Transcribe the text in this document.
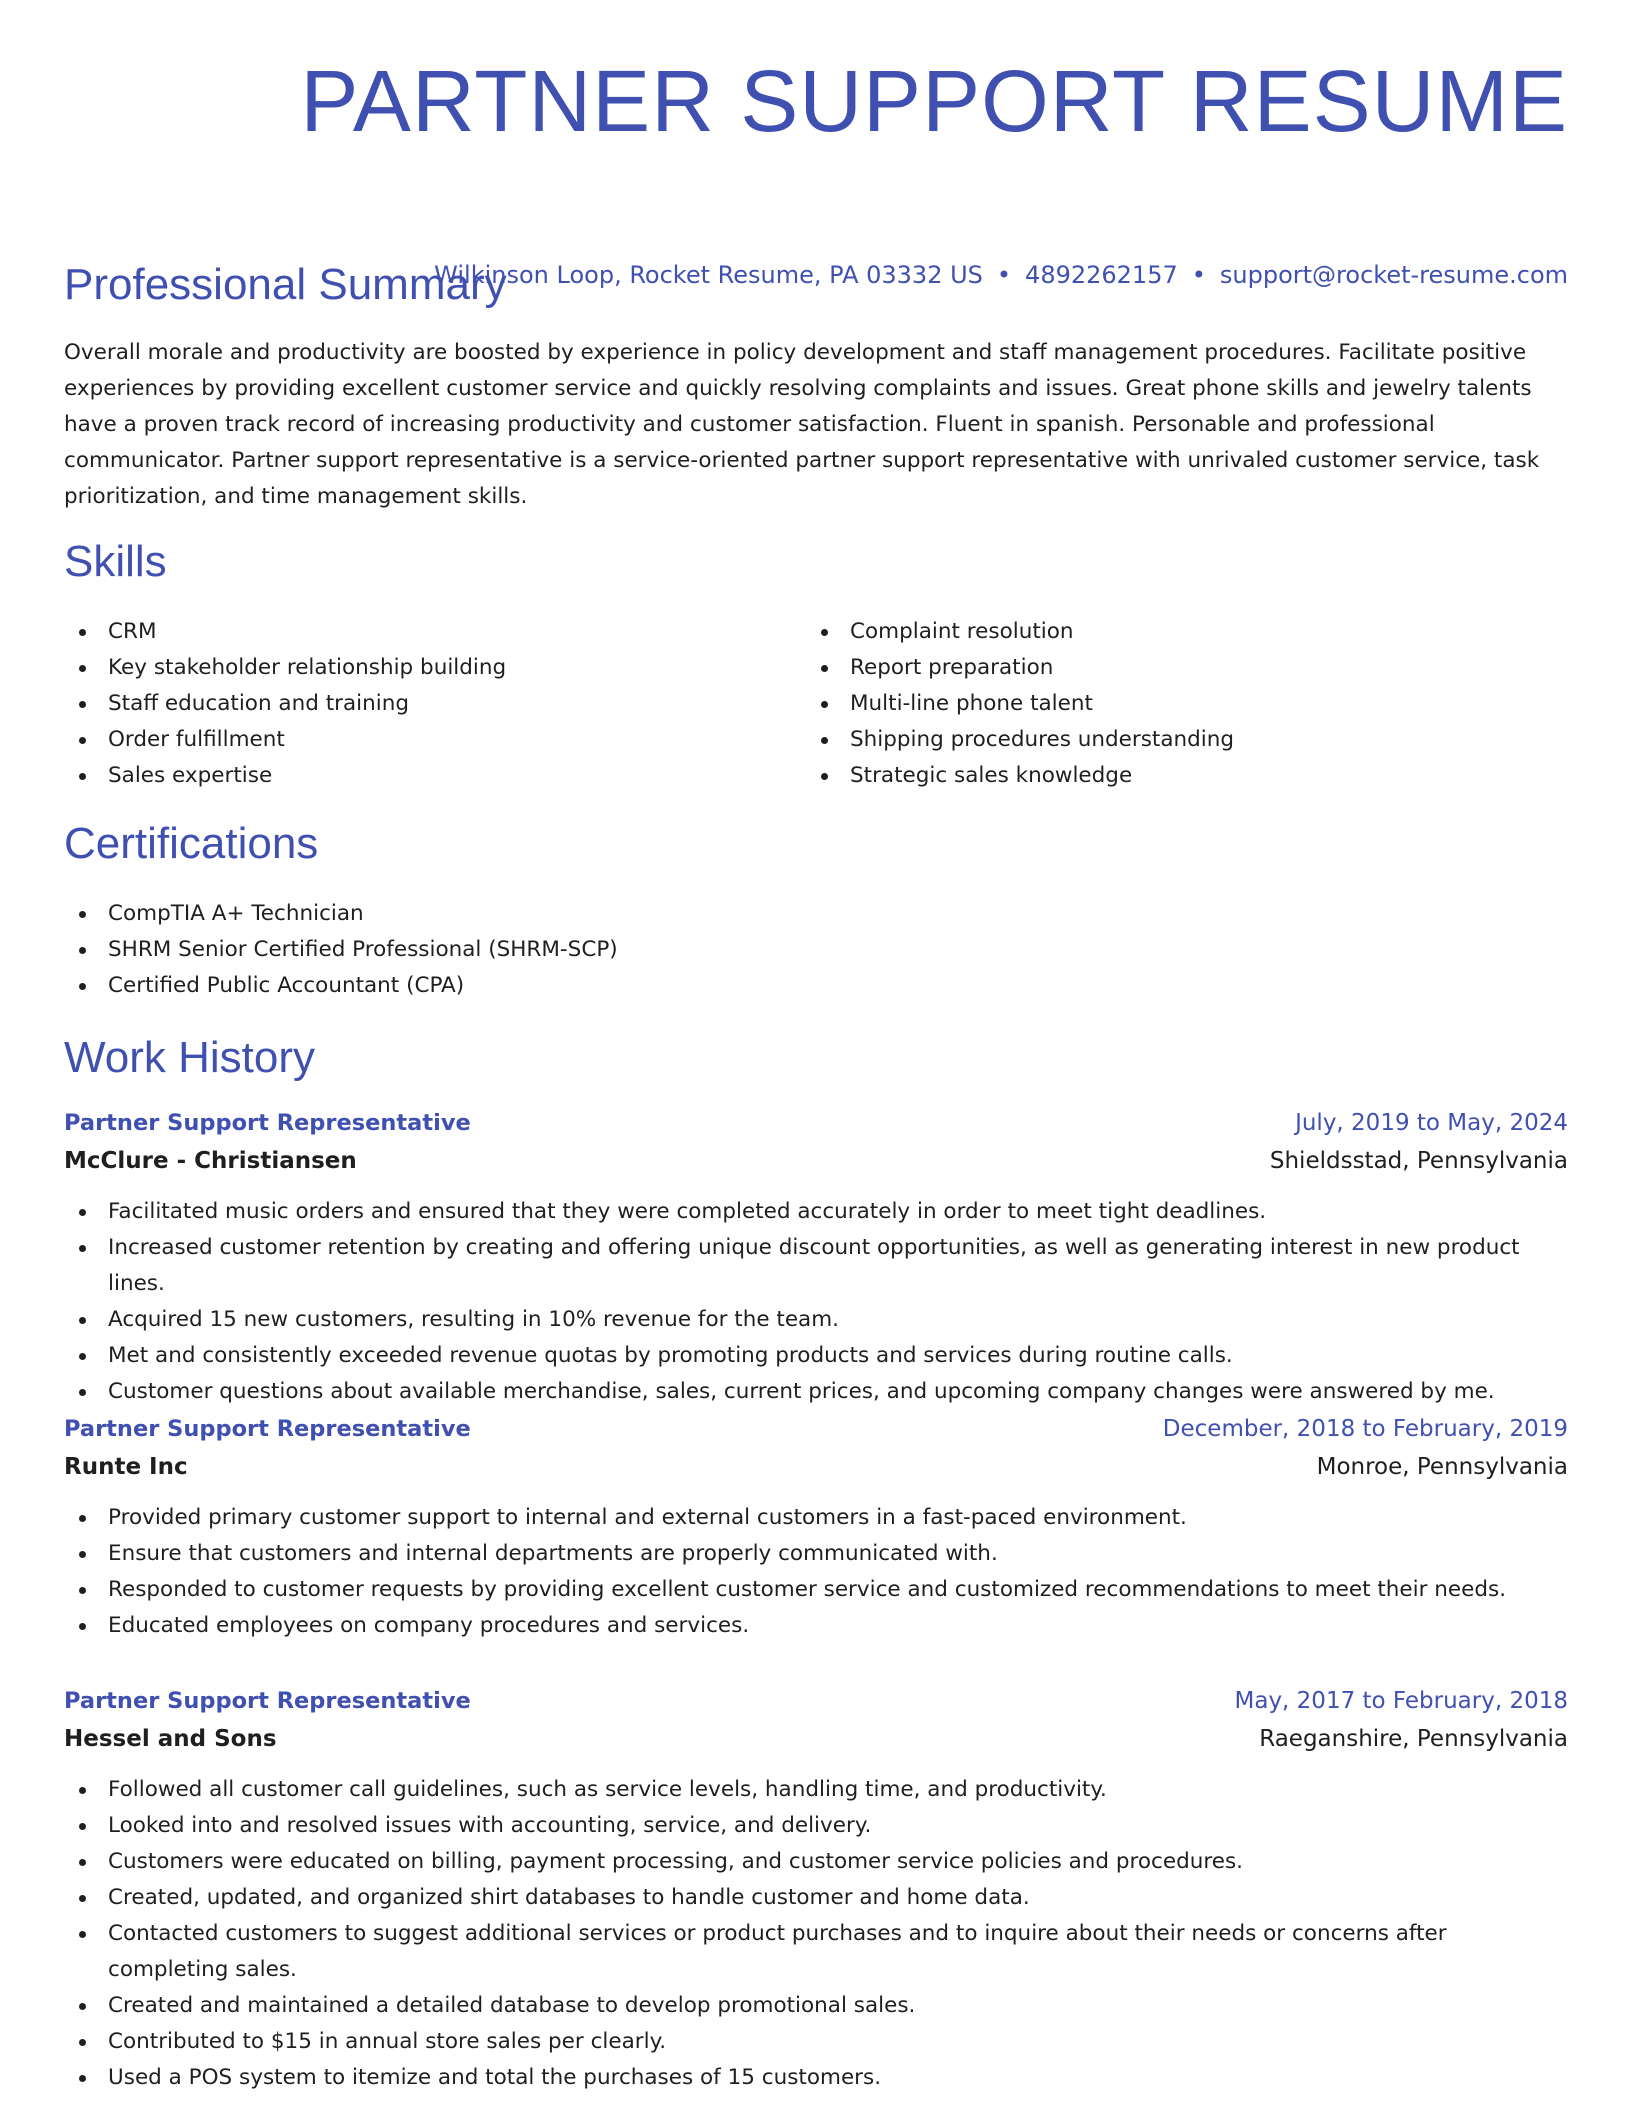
PARTNER SUPPORT RESUME
Wilkinson Loop, Rocket Resume, PA 03332 US • 4892262157 • support@rocket-resume.com
Professional Summary

Overall morale and productivity are boosted by experience in policy development and staff management procedures. Facilitate positive experiences by providing excellent customer service and quickly resolving complaints and issues. Great phone skills and jewelry talents have a proven track record of increasing productivity and customer satisfaction. Fluent in spanish. Personable and professional communicator. Partner support representative is a service-oriented partner support representative with unrivaled customer service, task prioritization, and time management skills.

Skills
CRM
Key stakeholder relationship building
Staff education and training
Order fulfillment
Sales expertise
Complaint resolution
Report preparation
Multi-line phone talent
Shipping procedures understanding
Strategic sales knowledge
Certifications
CompTIA A+ Technician
SHRM Senior Certified Professional (SHRM-SCP)
Certified Public Accountant (CPA)
Work History
Partner Support Representative	July, 2019 to May, 2024
McClure - Christiansen	Shieldsstad, Pennsylvania
Facilitated music orders and ensured that they were completed accurately in order to meet tight deadlines.
Increased customer retention by creating and offering unique discount opportunities, as well as generating interest in new product lines.
Acquired 15 new customers, resulting in 10% revenue for the team.
Met and consistently exceeded revenue quotas by promoting products and services during routine calls.
Customer questions about available merchandise, sales, current prices, and upcoming company changes were answered by me.
Partner Support Representative	December, 2018 to February, 2019
Runte Inc	Monroe, Pennsylvania
Provided primary customer support to internal and external customers in a fast-paced environment.
Ensure that customers and internal departments are properly communicated with.
Responded to customer requests by providing excellent customer service and customized recommendations to meet their needs.
Educated employees on company procedures and services.
Partner Support Representative	May, 2017 to February, 2018
Hessel and Sons	Raeganshire, Pennsylvania
Followed all customer call guidelines, such as service levels, handling time, and productivity.
Looked into and resolved issues with accounting, service, and delivery.
Customers were educated on billing, payment processing, and customer service policies and procedures.
Created, updated, and organized shirt databases to handle customer and home data.
Contacted customers to suggest additional services or product purchases and to inquire about their needs or concerns after completing sales.
Created and maintained a detailed database to develop promotional sales.
Contributed to $15 in annual store sales per clearly.
Used a POS system to itemize and total the purchases of 15 customers.
